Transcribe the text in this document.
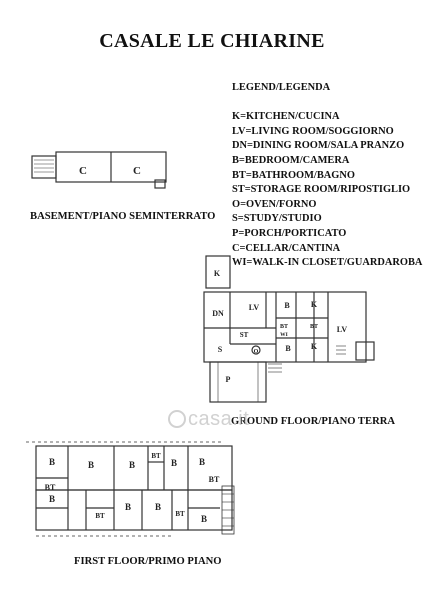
CASALE LE CHIARINE
LEGEND/LEGENDA
K=KITCHEN/CUCINA
LV=LIVING ROOM/SOGGIORNO
DN=DINING ROOM/SALA PRANZO
B=BEDROOM/CAMERA
BT=BATHROOM/BAGNO
ST=STORAGE ROOM/RIPOSTIGLIO
O=OVEN/FORNO
S=STUDY/STUDIO
P=PORCH/PORTICATO
C=CELLAR/CANTINA
WI=WALK-IN CLOSET/GUARDAROBA
C	C
BASEMENT/PIANO SEMINTERRATO
K
DN
LV	B	K
ST
BT
WI
BT LV
S	O	B	K
P
GROUND FLOOR/PIANO TERRA
casa.it
B	B	B
BT
B B
BT
BT
B
BT
B	B
BT B
FIRST FLOOR/PRIMO PIANO
